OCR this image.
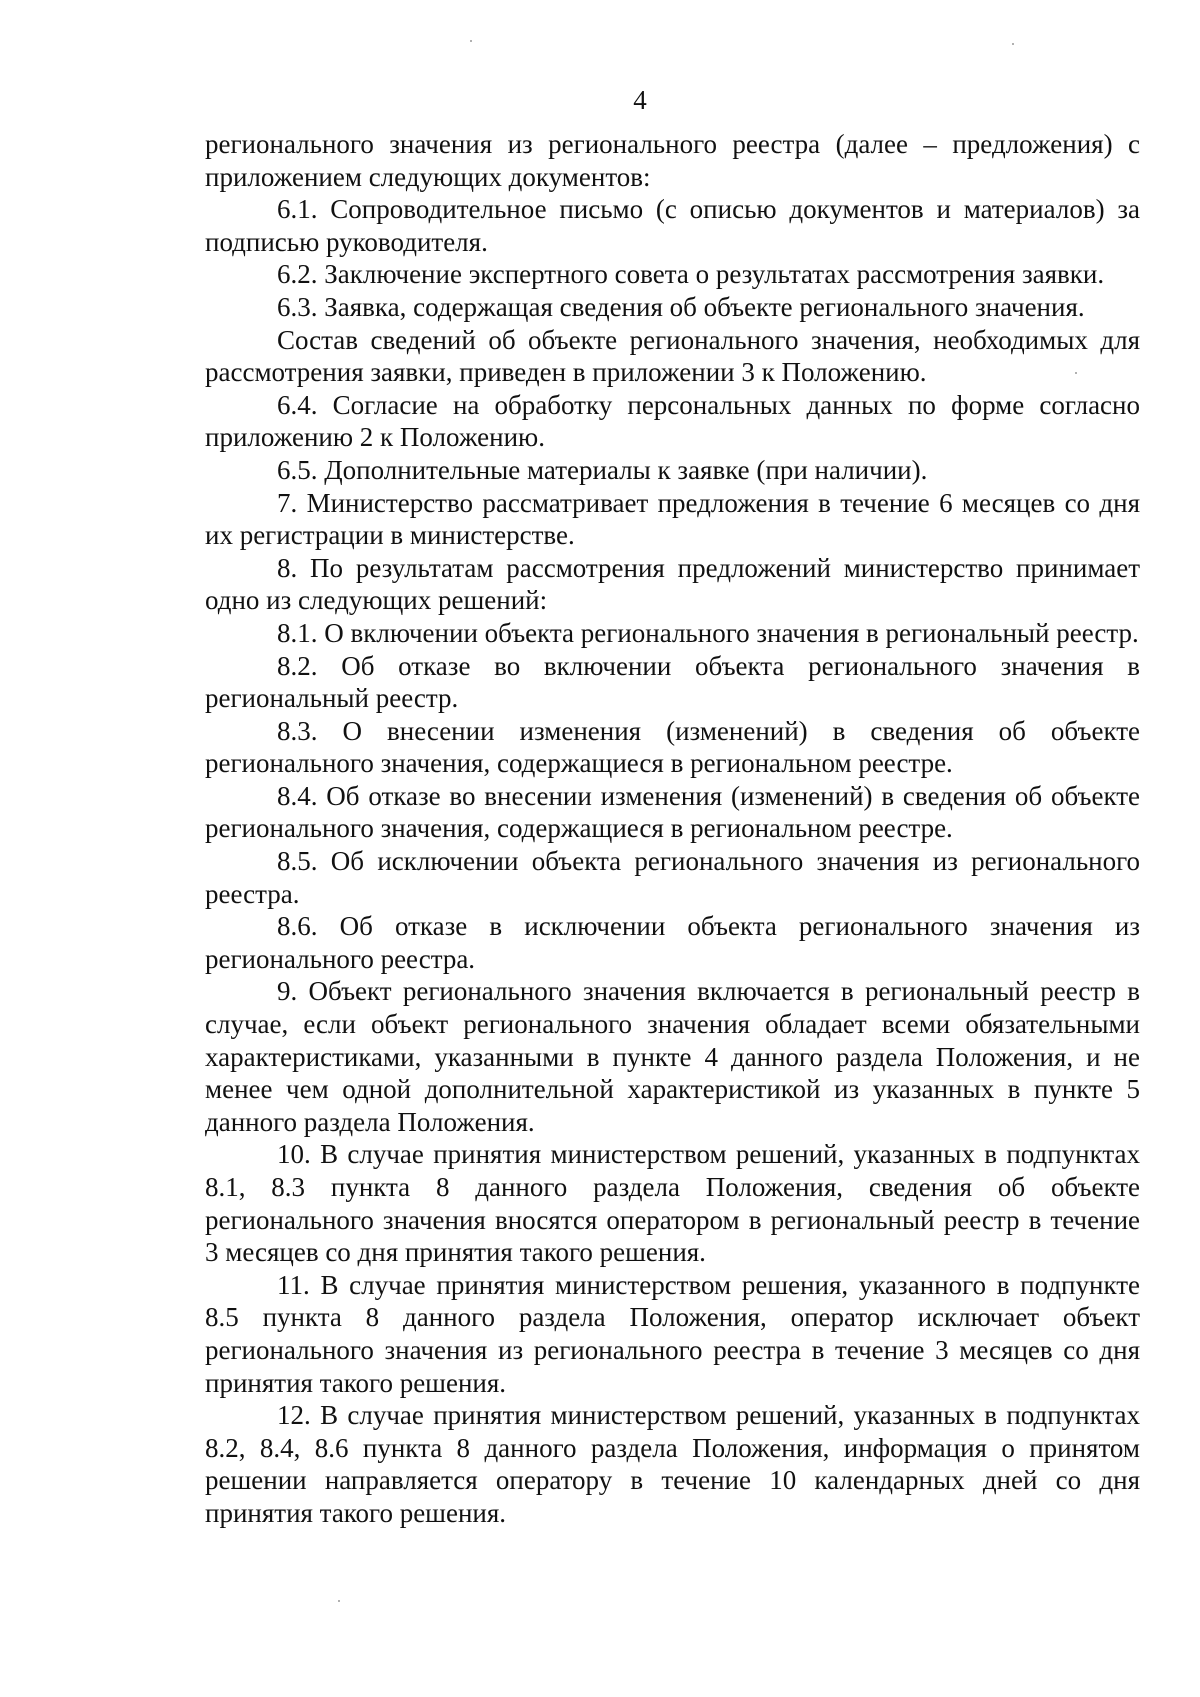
4

регионального значения из регионального реестра (далее – предложения) с приложением следующих документов:

6.1. Сопроводительное письмо (с описью документов и материалов) за подписью руководителя.

6.2. Заключение экспертного совета о результатах рассмотрения заявки.

6.3. Заявка, содержащая сведения об объекте регионального значения.

Состав сведений об объекте регионального значения, необходимых для рассмотрения заявки, приведен в приложении 3 к Положению.

6.4. Согласие на обработку персональных данных по форме согласно приложению 2 к Положению.

6.5. Дополнительные материалы к заявке (при наличии).

7. Министерство рассматривает предложения в течение 6 месяцев со дня их регистрации в министерстве.

8. По результатам рассмотрения предложений министерство принимает одно из следующих решений:

8.1. О включении объекта регионального значения в региональный реестр.

8.2. Об отказе во включении объекта регионального значения в региональный реестр.

8.3. О внесении изменения (изменений) в сведения об объекте регионального значения, содержащиеся в региональном реестре.

8.4. Об отказе во внесении изменения (изменений) в сведения об объекте регионального значения, содержащиеся в региональном реестре.

8.5. Об исключении объекта регионального значения из регионального реестра.

8.6. Об отказе в исключении объекта регионального значения из регионального реестра.

9. Объект регионального значения включается в региональный реестр в случае, если объект регионального значения обладает всеми обязательными характеристиками, указанными в пункте 4 данного раздела Положения, и не менее чем одной дополнительной характеристикой из указанных в пункте 5 данного раздела Положения.

10. В случае принятия министерством решений, указанных в подпунктах 8.1, 8.3 пункта 8 данного раздела Положения, сведения об объекте регионального значения вносятся оператором в региональный реестр в течение 3 месяцев со дня принятия такого решения.

11. В случае принятия министерством решения, указанного в подпункте 8.5 пункта 8 данного раздела Положения, оператор исключает объект регионального значения из регионального реестра в течение 3 месяцев со дня принятия такого решения.

12. В случае принятия министерством решений, указанных в подпунктах 8.2, 8.4, 8.6 пункта 8 данного раздела Положения, информация о принятом решении направляется оператору в течение 10 календарных дней со дня принятия такого решения.
